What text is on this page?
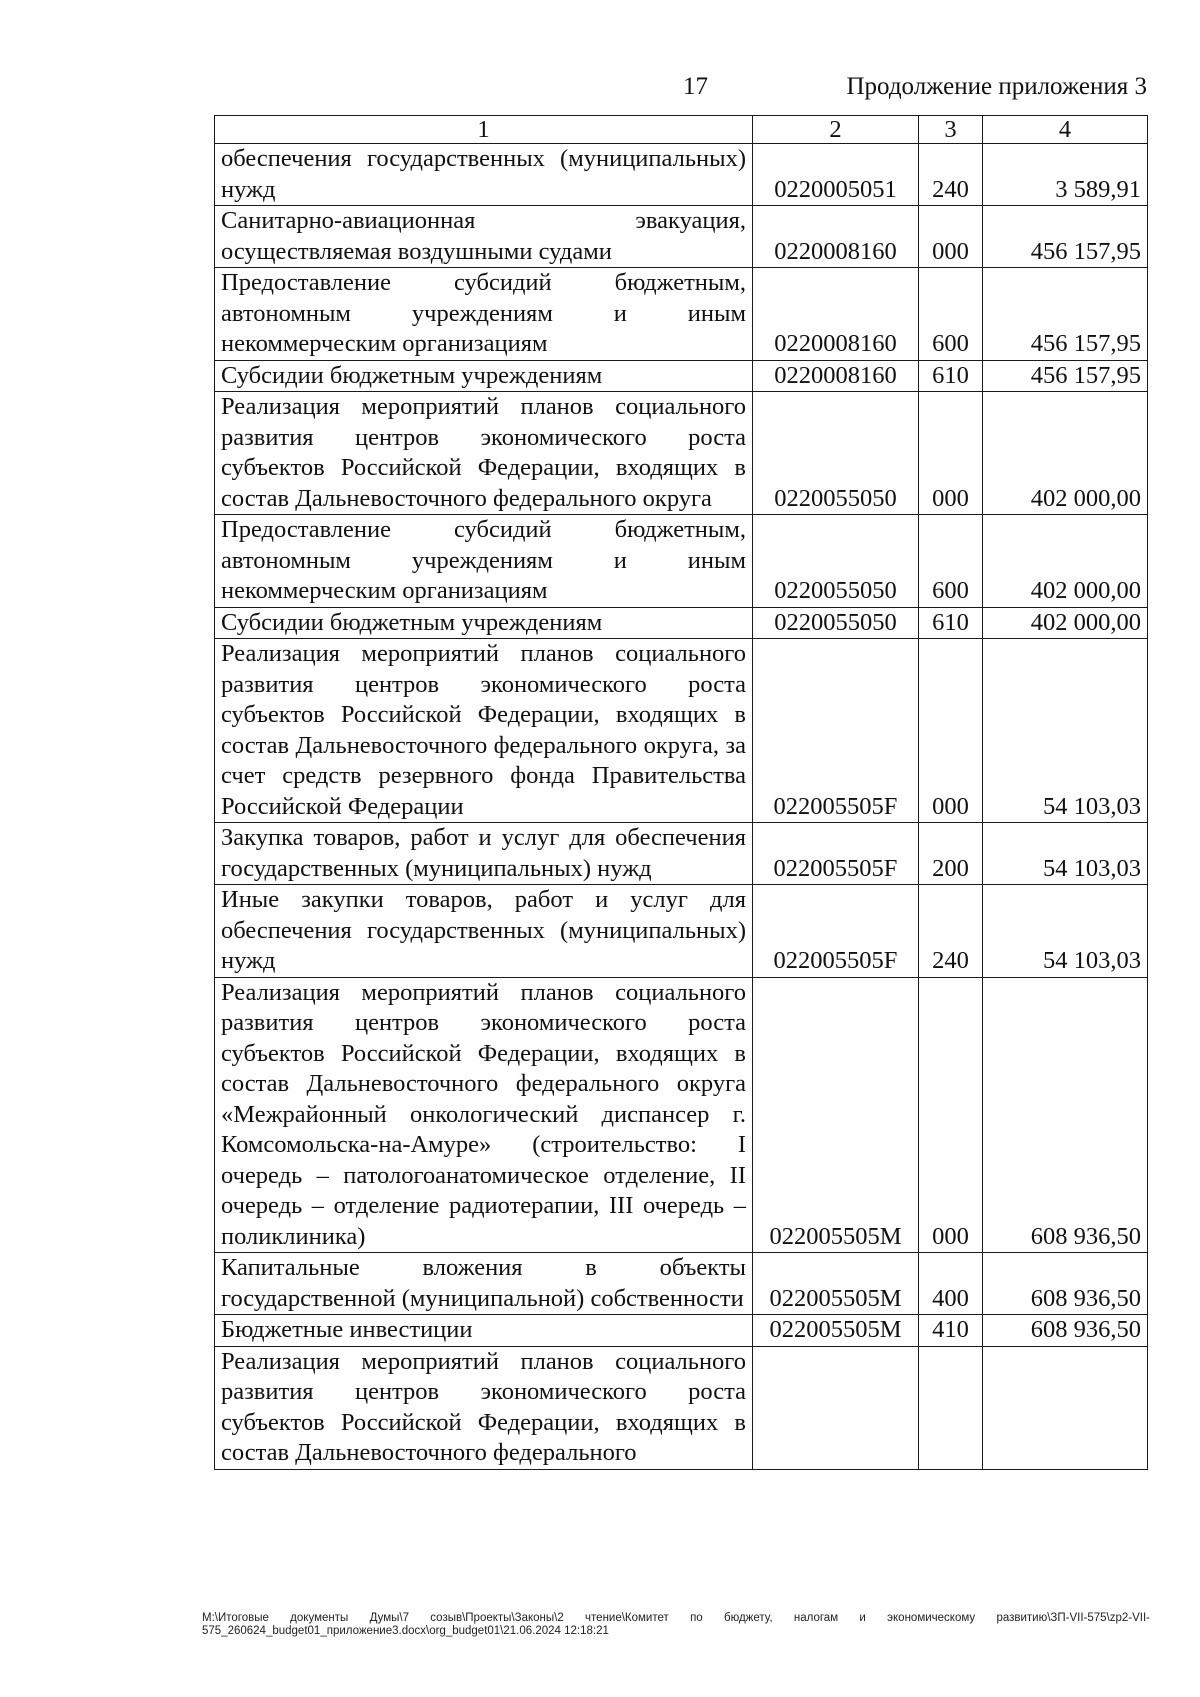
17	Продолжение приложения 3
1	2	3	4
обеспечения государственных (муниципальных) нужд	0220005051	240	3 589,91
Санитарно-авиационная эвакуация, осуществляемая воздушными судами	0220008160	000	456 157,95
Предоставление субсидий бюджетным, автономным учреждениям и иным некоммерческим организациям	0220008160	600	456 157,95
Субсидии бюджетным учреждениям	0220008160	610	456 157,95
Реализация мероприятий планов социального развития центров экономического роста субъектов Российской Федерации, входящих в состав Дальневосточного федерального округа	0220055050	000	402 000,00
Предоставление субсидий бюджетным, автономным учреждениям и иным некоммерческим организациям	0220055050	600	402 000,00
Субсидии бюджетным учреждениям	0220055050	610	402 000,00
Реализация мероприятий планов социального развития центров экономического роста субъектов Российской Федерации, входящих в состав Дальневосточного федерального округа, за счет средств резервного фонда Правительства Российской Федерации	022005505F	000	54 103,03
Закупка товаров, работ и услуг для обеспечения государственных (муниципальных) нужд	022005505F	200	54 103,03
Иные закупки товаров, работ и услуг для обеспечения государственных (муниципальных) нужд	022005505F	240	54 103,03
Реализация мероприятий планов социального развития центров экономического роста субъектов Российской Федерации, входящих в состав Дальневосточного федерального округа «Межрайонный онкологический диспансер г. Комсомольска-на-Амуре» (строительство: I очередь – патологоанатомическое отделение, II очередь – отделение радиотерапии, III очередь – поликлиника)	022005505M	000	608 936,50
Капитальные вложения в объекты государственной (муниципальной) собственности	022005505M	400	608 936,50
Бюджетные инвестиции	022005505M	410	608 936,50
Реализация мероприятий планов социального развития центров экономического роста субъектов Российской Федерации, входящих в состав Дальневосточного федерального			
M:\Итоговые документы Думы\7 созыв\Проекты\Законы\2 чтение\Комитет по бюджету, налогам и экономическому развитию\ЗП-VII-575\zp2-VII-575_260624_budget01_приложение3.docx\org_budget01\21.06.2024 12:18:21
